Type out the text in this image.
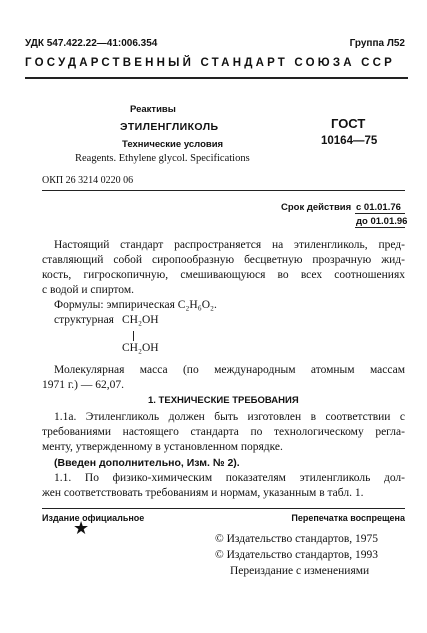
УДК 547.422.22—41:006.354	Группа Л52
ГОСУДАРСТВЕННЫЙ СТАНДАРТ СОЮЗА ССР
Реактивы
ЭТИЛЕНГЛИКОЛЬ
Технические условия
Reagents. Ethylene glycol. Specifications
ГОСТ
10164—75
ОКП 26 3214 0220 06
Срок действия с 01.01.76
до 01.01.96
Настоящий стандарт распространяется на этиленгликоль, пред-
ставляющий собой сиропообразную бесцветную прозрачную жид-
кость, гигроскопичную, смешивающуюся во всех соотношениях
с водой и спиртом.
Формулы: эмпирическая C₂H₆O₂.
структурная CH₂OH
CH₂OH
Молекулярная масса (по международным атомным массам
1971 г.) — 62,07.
1. ТЕХНИЧЕСКИЕ ТРЕБОВАНИЯ
1.1а. Этиленгликоль должен быть изготовлен в соответствии с
требованиями настоящего стандарта по технологическому регла-
менту, утвержденному в установленном порядке.
(Введен дополнительно, Изм. № 2).
1.1. По физико-химическим показателям этиленгликоль дол-
жен соответствовать требованиям и нормам, указанным в табл. 1.
Издание официальное	Перепечатка воспрещена
★
© Издательство стандартов, 1975
© Издательство стандартов, 1993
Переиздание с изменениями
